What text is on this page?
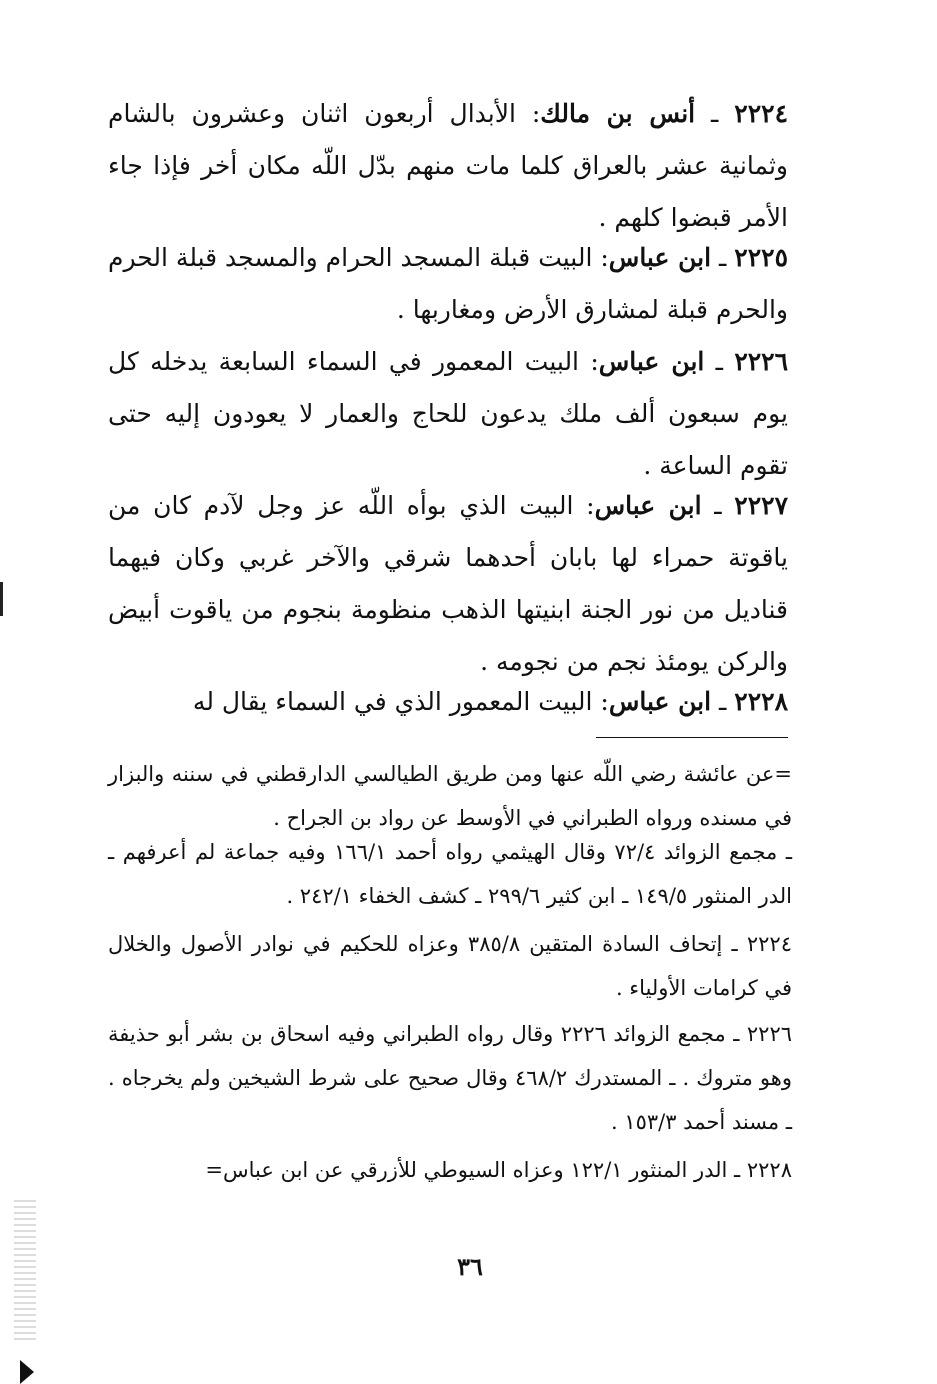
٢٢٢٤ ـ أنس بن مالك: الأبدال أربعون اثنان وعشرون بالشام وثمانية عشر بالعراق كلما مات منهم بدّل اللّه مكان أخر فإذا جاء الأمر قبضوا كلهم .

٢٢٢٥ ـ ابن عباس: البيت قبلة المسجد الحرام والمسجد قبلة الحرم والحرم قبلة لمشارق الأرض ومغاربها .

٢٢٢٦ ـ ابن عباس: البيت المعمور في السماء السابعة يدخله كل يوم سبعون ألف ملك يدعون للحاج والعمار لا يعودون إليه حتى تقوم الساعة .

٢٢٢٧ ـ ابن عباس: البيت الذي بوأه اللّه عز وجل لآدم كان من ياقوتة حمراء لها بابان أحدهما شرقي والآخر غربي وكان فيهما قناديل من نور الجنة ابنيتها الذهب منظومة بنجوم من ياقوت أبيض والركن يومئذ نجم من نجومه .

٢٢٢٨ ـ ابن عباس: البيت المعمور الذي في السماء يقال له

=عن عائشة رضي اللّه عنها ومن طريق الطيالسي الدارقطني في سننه والبزار في مسنده ورواه الطبراني في الأوسط عن رواد بن الجراح .

ـ مجمع الزوائد ٧٢/٤ وقال الهيثمي رواه أحمد ١٦٦/١ وفيه جماعة لم أعرفهم ـ الدر المنثور ١٤٩/٥ ـ ابن كثير ٢٩٩/٦ ـ كشف الخفاء ٢٤٢/١ .

٢٢٢٤ ـ إتحاف السادة المتقين ٣٨٥/٨ وعزاه للحكيم في نوادر الأصول والخلال في كرامات الأولياء .

٢٢٢٦ ـ مجمع الزوائد ٢٢٢٦ وقال رواه الطبراني وفيه اسحاق بن بشر أبو حذيفة وهو متروك . ـ المستدرك ٤٦٨/٢ وقال صحيح على شرط الشيخين ولم يخرجاه . ـ مسند أحمد ١٥٣/٣ .

٢٢٢٨ ـ الدر المنثور ١٢٢/١ وعزاه السيوطي للأزرقي عن ابن عباس=

٣٦
